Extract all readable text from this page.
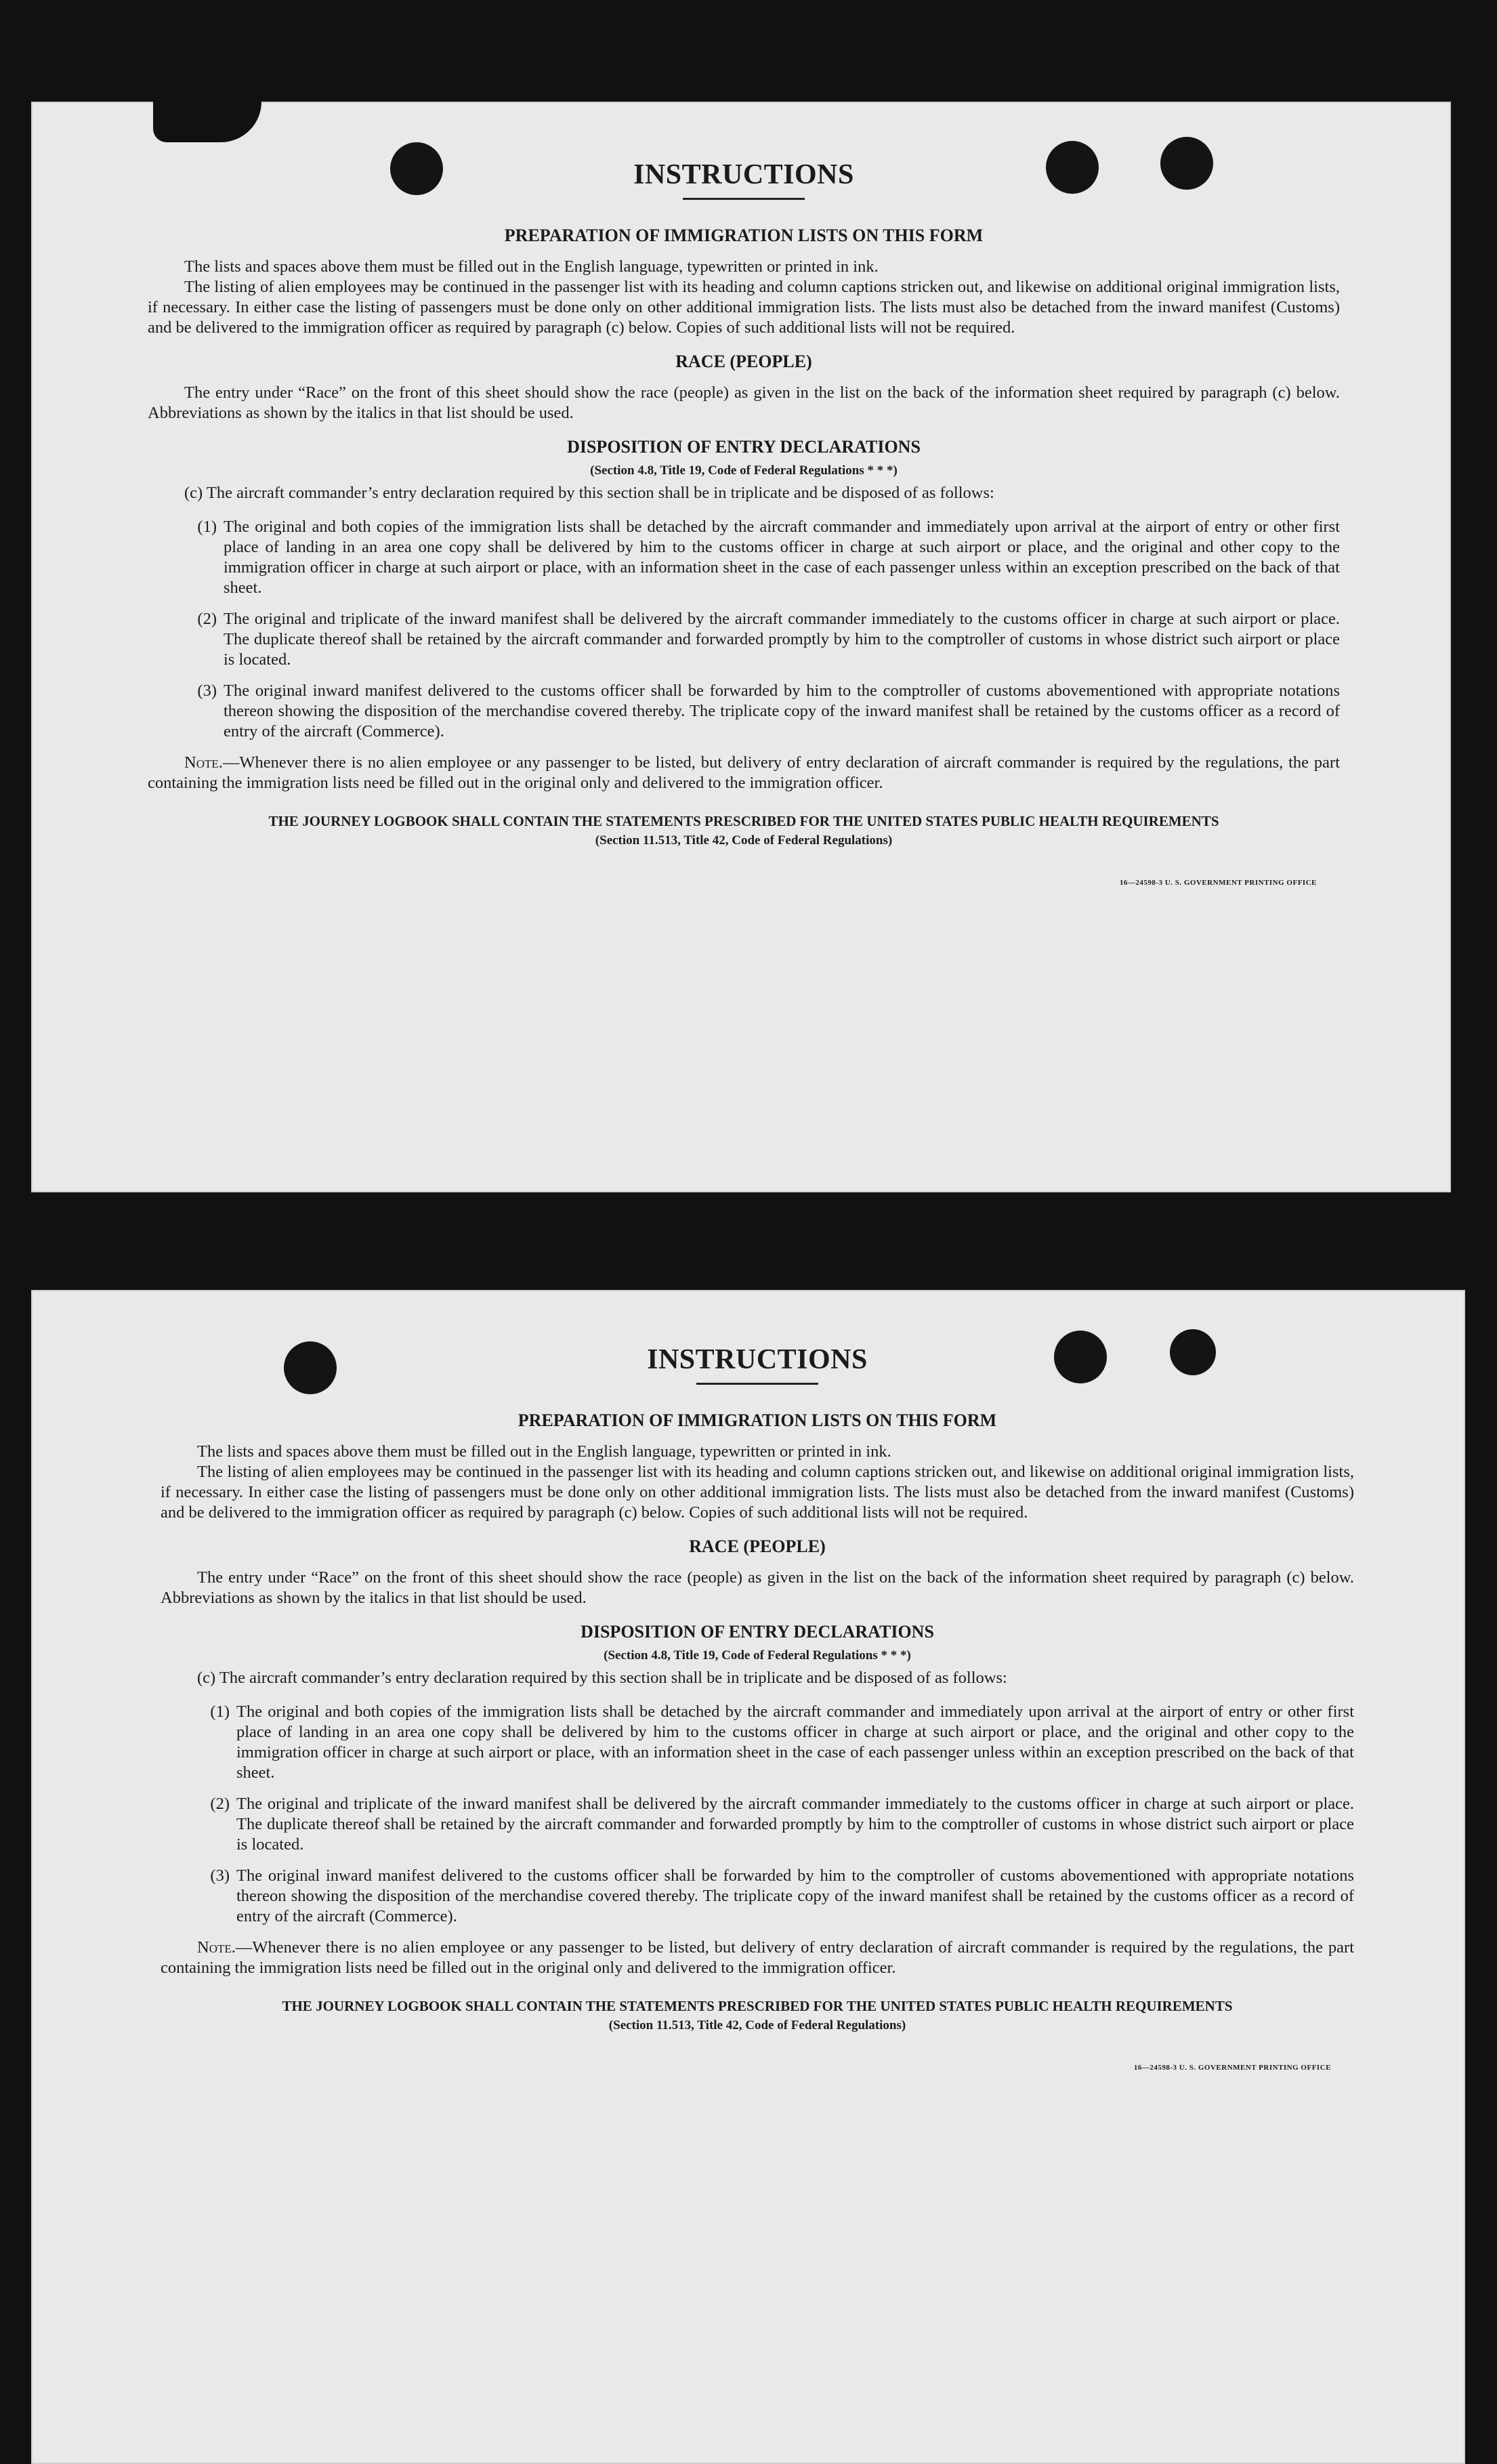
INSTRUCTIONS
PREPARATION OF IMMIGRATION LISTS ON THIS FORM

The lists and spaces above them must be filled out in the English language, typewritten or printed in ink.

The listing of alien employees may be continued in the passenger list with its heading and column captions stricken out, and likewise on additional original immigration lists, if necessary. In either case the listing of passengers must be done only on other additional immigration lists. The lists must also be detached from the inward manifest (Customs) and be delivered to the immigration officer as required by paragraph (c) below. Copies of such additional lists will not be required.

RACE (PEOPLE)

The entry under “Race” on the front of this sheet should show the race (people) as given in the list on the back of the information sheet required by paragraph (c) below. Abbreviations as shown by the italics in that list should be used.

DISPOSITION OF ENTRY DECLARATIONS
(Section 4.8, Title 19, Code of Federal Regulations * * *)

(c) The aircraft commander’s entry declaration required by this section shall be in triplicate and be disposed of as follows:

(1) The original and both copies of the immigration lists shall be detached by the aircraft commander and immediately upon arrival at the airport of entry or other first place of landing in an area one copy shall be delivered by him to the customs officer in charge at such airport or place, and the original and other copy to the immigration officer in charge at such airport or place, with an information sheet in the case of each passenger unless within an exception prescribed on the back of that sheet.
(2) The original and triplicate of the inward manifest shall be delivered by the aircraft commander immediately to the customs officer in charge at such airport or place. The duplicate thereof shall be retained by the aircraft commander and forwarded promptly by him to the comptroller of customs in whose district such airport or place is located.
(3) The original inward manifest delivered to the customs officer shall be forwarded by him to the comptroller of customs abovementioned with appropriate notations thereon showing the disposition of the merchandise covered thereby. The triplicate copy of the inward manifest shall be retained by the customs officer as a record of entry of the aircraft (Commerce).

Note.—Whenever there is no alien employee or any passenger to be listed, but delivery of entry declaration of aircraft commander is required by the regulations, the part containing the immigration lists need be filled out in the original only and delivered to the immigration officer.

THE JOURNEY LOGBOOK SHALL CONTAIN THE STATEMENTS PRESCRIBED FOR THE UNITED STATES PUBLIC HEALTH REQUIREMENTS
(Section 11.513, Title 42, Code of Federal Regulations)
16—24598-3 U. S. GOVERNMENT PRINTING OFFICE
INSTRUCTIONS
PREPARATION OF IMMIGRATION LISTS ON THIS FORM

The lists and spaces above them must be filled out in the English language, typewritten or printed in ink.

The listing of alien employees may be continued in the passenger list with its heading and column captions stricken out, and likewise on additional original immigration lists, if necessary. In either case the listing of passengers must be done only on other additional immigration lists. The lists must also be detached from the inward manifest (Customs) and be delivered to the immigration officer as required by paragraph (c) below. Copies of such additional lists will not be required.

RACE (PEOPLE)

The entry under “Race” on the front of this sheet should show the race (people) as given in the list on the back of the information sheet required by paragraph (c) below. Abbreviations as shown by the italics in that list should be used.

DISPOSITION OF ENTRY DECLARATIONS
(Section 4.8, Title 19, Code of Federal Regulations * * *)

(c) The aircraft commander’s entry declaration required by this section shall be in triplicate and be disposed of as follows:

(1) The original and both copies of the immigration lists shall be detached by the aircraft commander and immediately upon arrival at the airport of entry or other first place of landing in an area one copy shall be delivered by him to the customs officer in charge at such airport or place, and the original and other copy to the immigration officer in charge at such airport or place, with an information sheet in the case of each passenger unless within an exception prescribed on the back of that sheet.
(2) The original and triplicate of the inward manifest shall be delivered by the aircraft commander immediately to the customs officer in charge at such airport or place. The duplicate thereof shall be retained by the aircraft commander and forwarded promptly by him to the comptroller of customs in whose district such airport or place is located.
(3) The original inward manifest delivered to the customs officer shall be forwarded by him to the comptroller of customs abovementioned with appropriate notations thereon showing the disposition of the merchandise covered thereby. The triplicate copy of the inward manifest shall be retained by the customs officer as a record of entry of the aircraft (Commerce).

Note.—Whenever there is no alien employee or any passenger to be listed, but delivery of entry declaration of aircraft commander is required by the regulations, the part containing the immigration lists need be filled out in the original only and delivered to the immigration officer.

THE JOURNEY LOGBOOK SHALL CONTAIN THE STATEMENTS PRESCRIBED FOR THE UNITED STATES PUBLIC HEALTH REQUIREMENTS
(Section 11.513, Title 42, Code of Federal Regulations)
16—24598-3 U. S. GOVERNMENT PRINTING OFFICE
